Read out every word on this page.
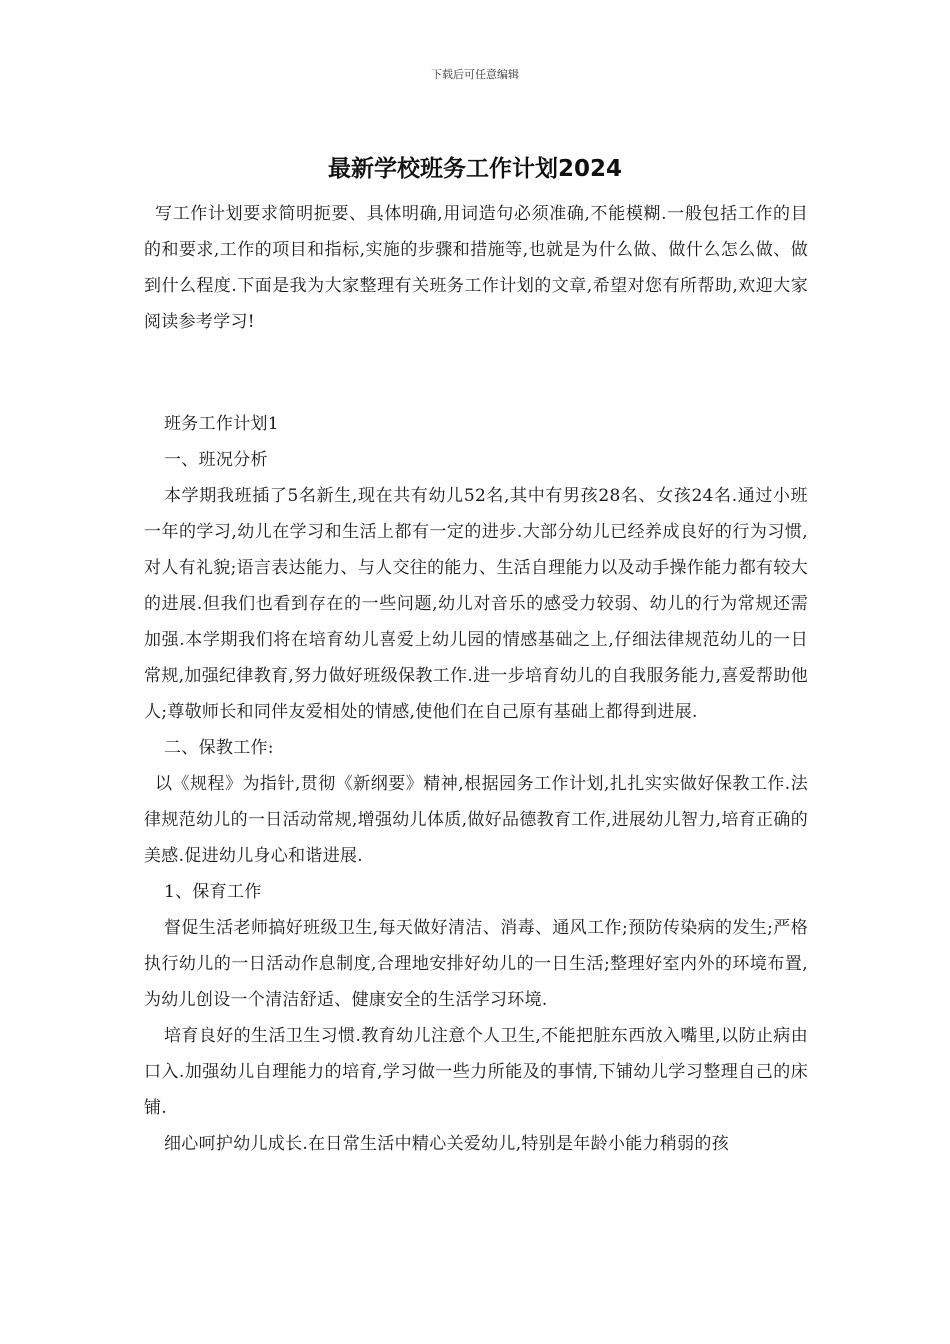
下载后可任意编辑
最新学校班务工作计划2024

写工作计划要求简明扼要、具体明确,用词造句必须准确,不能模糊.一般包括工作的目的和要求,工作的项目和指标,实施的步骤和措施等,也就是为什么做、做什么怎么做、做到什么程度.下面是我为大家整理有关班务工作计划的文章,希望对您有所帮助,欢迎大家阅读参考学习!

班务工作计划1

一、班况分析

本学期我班插了5名新生,现在共有幼儿52名,其中有男孩28名、女孩24名.通过小班一年的学习,幼儿在学习和生活上都有一定的进步.大部分幼儿已经养成良好的行为习惯,对人有礼貌;语言表达能力、与人交往的能力、生活自理能力以及动手操作能力都有较大的进展.但我们也看到存在的一些问题,幼儿对音乐的感受力较弱、幼儿的行为常规还需加强.本学期我们将在培育幼儿喜爱上幼儿园的情感基础之上,仔细法律规范幼儿的一日常规,加强纪律教育,努力做好班级保教工作.进一步培育幼儿的自我服务能力,喜爱帮助他人;尊敬师长和同伴友爱相处的情感,使他们在自己原有基础上都得到进展.

二、保教工作:

以《规程》为指针,贯彻《新纲要》精神,根据园务工作计划,扎扎实实做好保教工作.法律规范幼儿的一日活动常规,增强幼儿体质,做好品德教育工作,进展幼儿智力,培育正确的美感.促进幼儿身心和谐进展.

1、保育工作

督促生活老师搞好班级卫生,每天做好清洁、消毒、通风工作;预防传染病的发生;严格执行幼儿的一日活动作息制度,合理地安排好幼儿的一日生活;整理好室内外的环境布置,为幼儿创设一个清洁舒适、健康安全的生活学习环境.

培育良好的生活卫生习惯.教育幼儿注意个人卫生,不能把脏东西放入嘴里,以防止病由口入.加强幼儿自理能力的培育,学习做一些力所能及的事情,下铺幼儿学习整理自己的床铺.

细心呵护幼儿成长.在日常生活中精心关爱幼儿,特别是年龄小能力稍弱的孩
